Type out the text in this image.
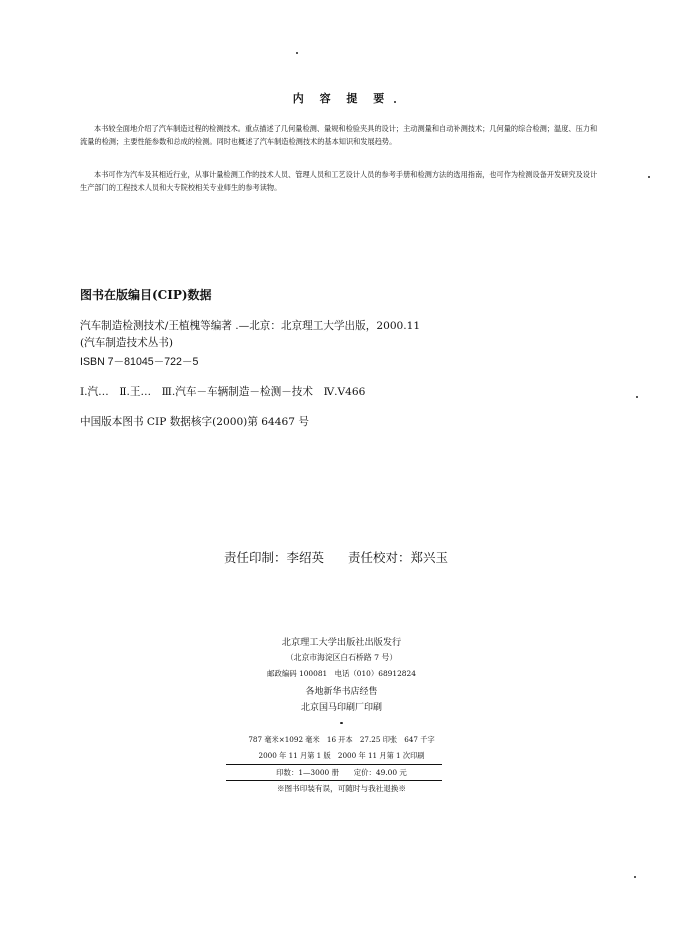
内 容 提 要
本书较全面地介绍了汽车制造过程的检测技术。重点描述了几何量检测、量规和检验夹具的设计；主动测量和自动补测技术；几何量的综合检测；温度、压力和流量的检测；主要性能参数和总成的检测。同时也概述了汽车制造检测技术的基本知识和发展趋势。
本书可作为汽车及其相近行业，从事计量检测工作的技术人员、管理人员和工艺设计人员的参考手册和检测方法的选用指南，也可作为检测设备开发研究及设计生产部门的工程技术人员和大专院校相关专业师生的参考读物。
图书在版编目(CIP)数据
汽车制造检测技术/王植槐等编著 .—北京：北京理工大学出版，2000.11
(汽车制造技术丛书)
ISBN 7－81045－722－5
Ⅰ.汽…　Ⅱ.王…　Ⅲ.汽车－车辆制造－检测－技术　Ⅳ.V466
中国版本图书 CIP 数据核字(2000)第 64467 号
责任印制：李绍英 责任校对：郑兴玉
北京理工大学出版社出版发行
（北京市海淀区白石桥路 7 号）
邮政编码 100081　电话（010）68912824
各地新华书店经售
北京国马印刷厂印刷
787 毫米×1092 毫米　16 开本　27.25 印张　647 千字
2000 年 11 月第 1 版　2000 年 11 月第 1 次印刷
印数：1—3000 册　　定价：49.00 元
※图书印装有误，可随时与我社退换※
